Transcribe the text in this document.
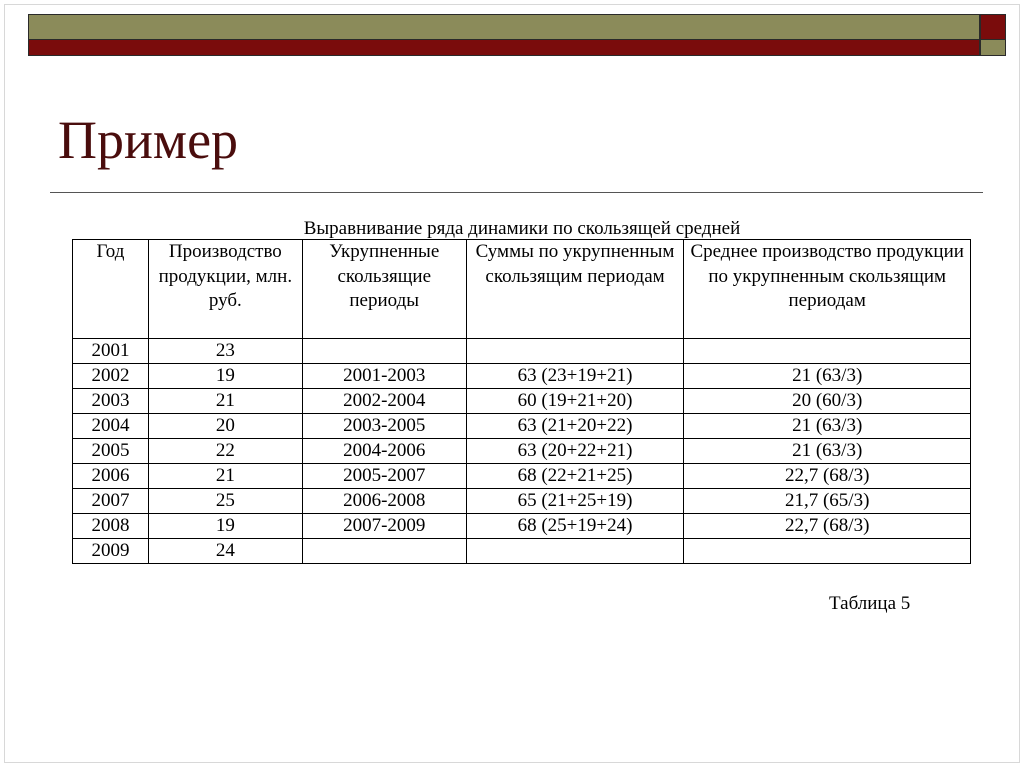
Пример
Выравнивание ряда динамики по скользящей средней
Год	Производство продукции, млн. руб.	Укрупненные скользящие периоды	Суммы по укрупненным скользящим периодам	Среднее производство продукции по укрупненным скользящим периодам
2001	23			
2002	19	2001-2003	63 (23+19+21)	21 (63/3)
2003	21	2002-2004	60 (19+21+20)	20 (60/3)
2004	20	2003-2005	63 (21+20+22)	21 (63/3)
2005	22	2004-2006	63 (20+22+21)	21 (63/3)
2006	21	2005-2007	68 (22+21+25)	22,7 (68/3)
2007	25	2006-2008	65 (21+25+19)	21,7 (65/3)
2008	19	2007-2009	68 (25+19+24)	22,7 (68/3)
2009	24			
Таблица 5
